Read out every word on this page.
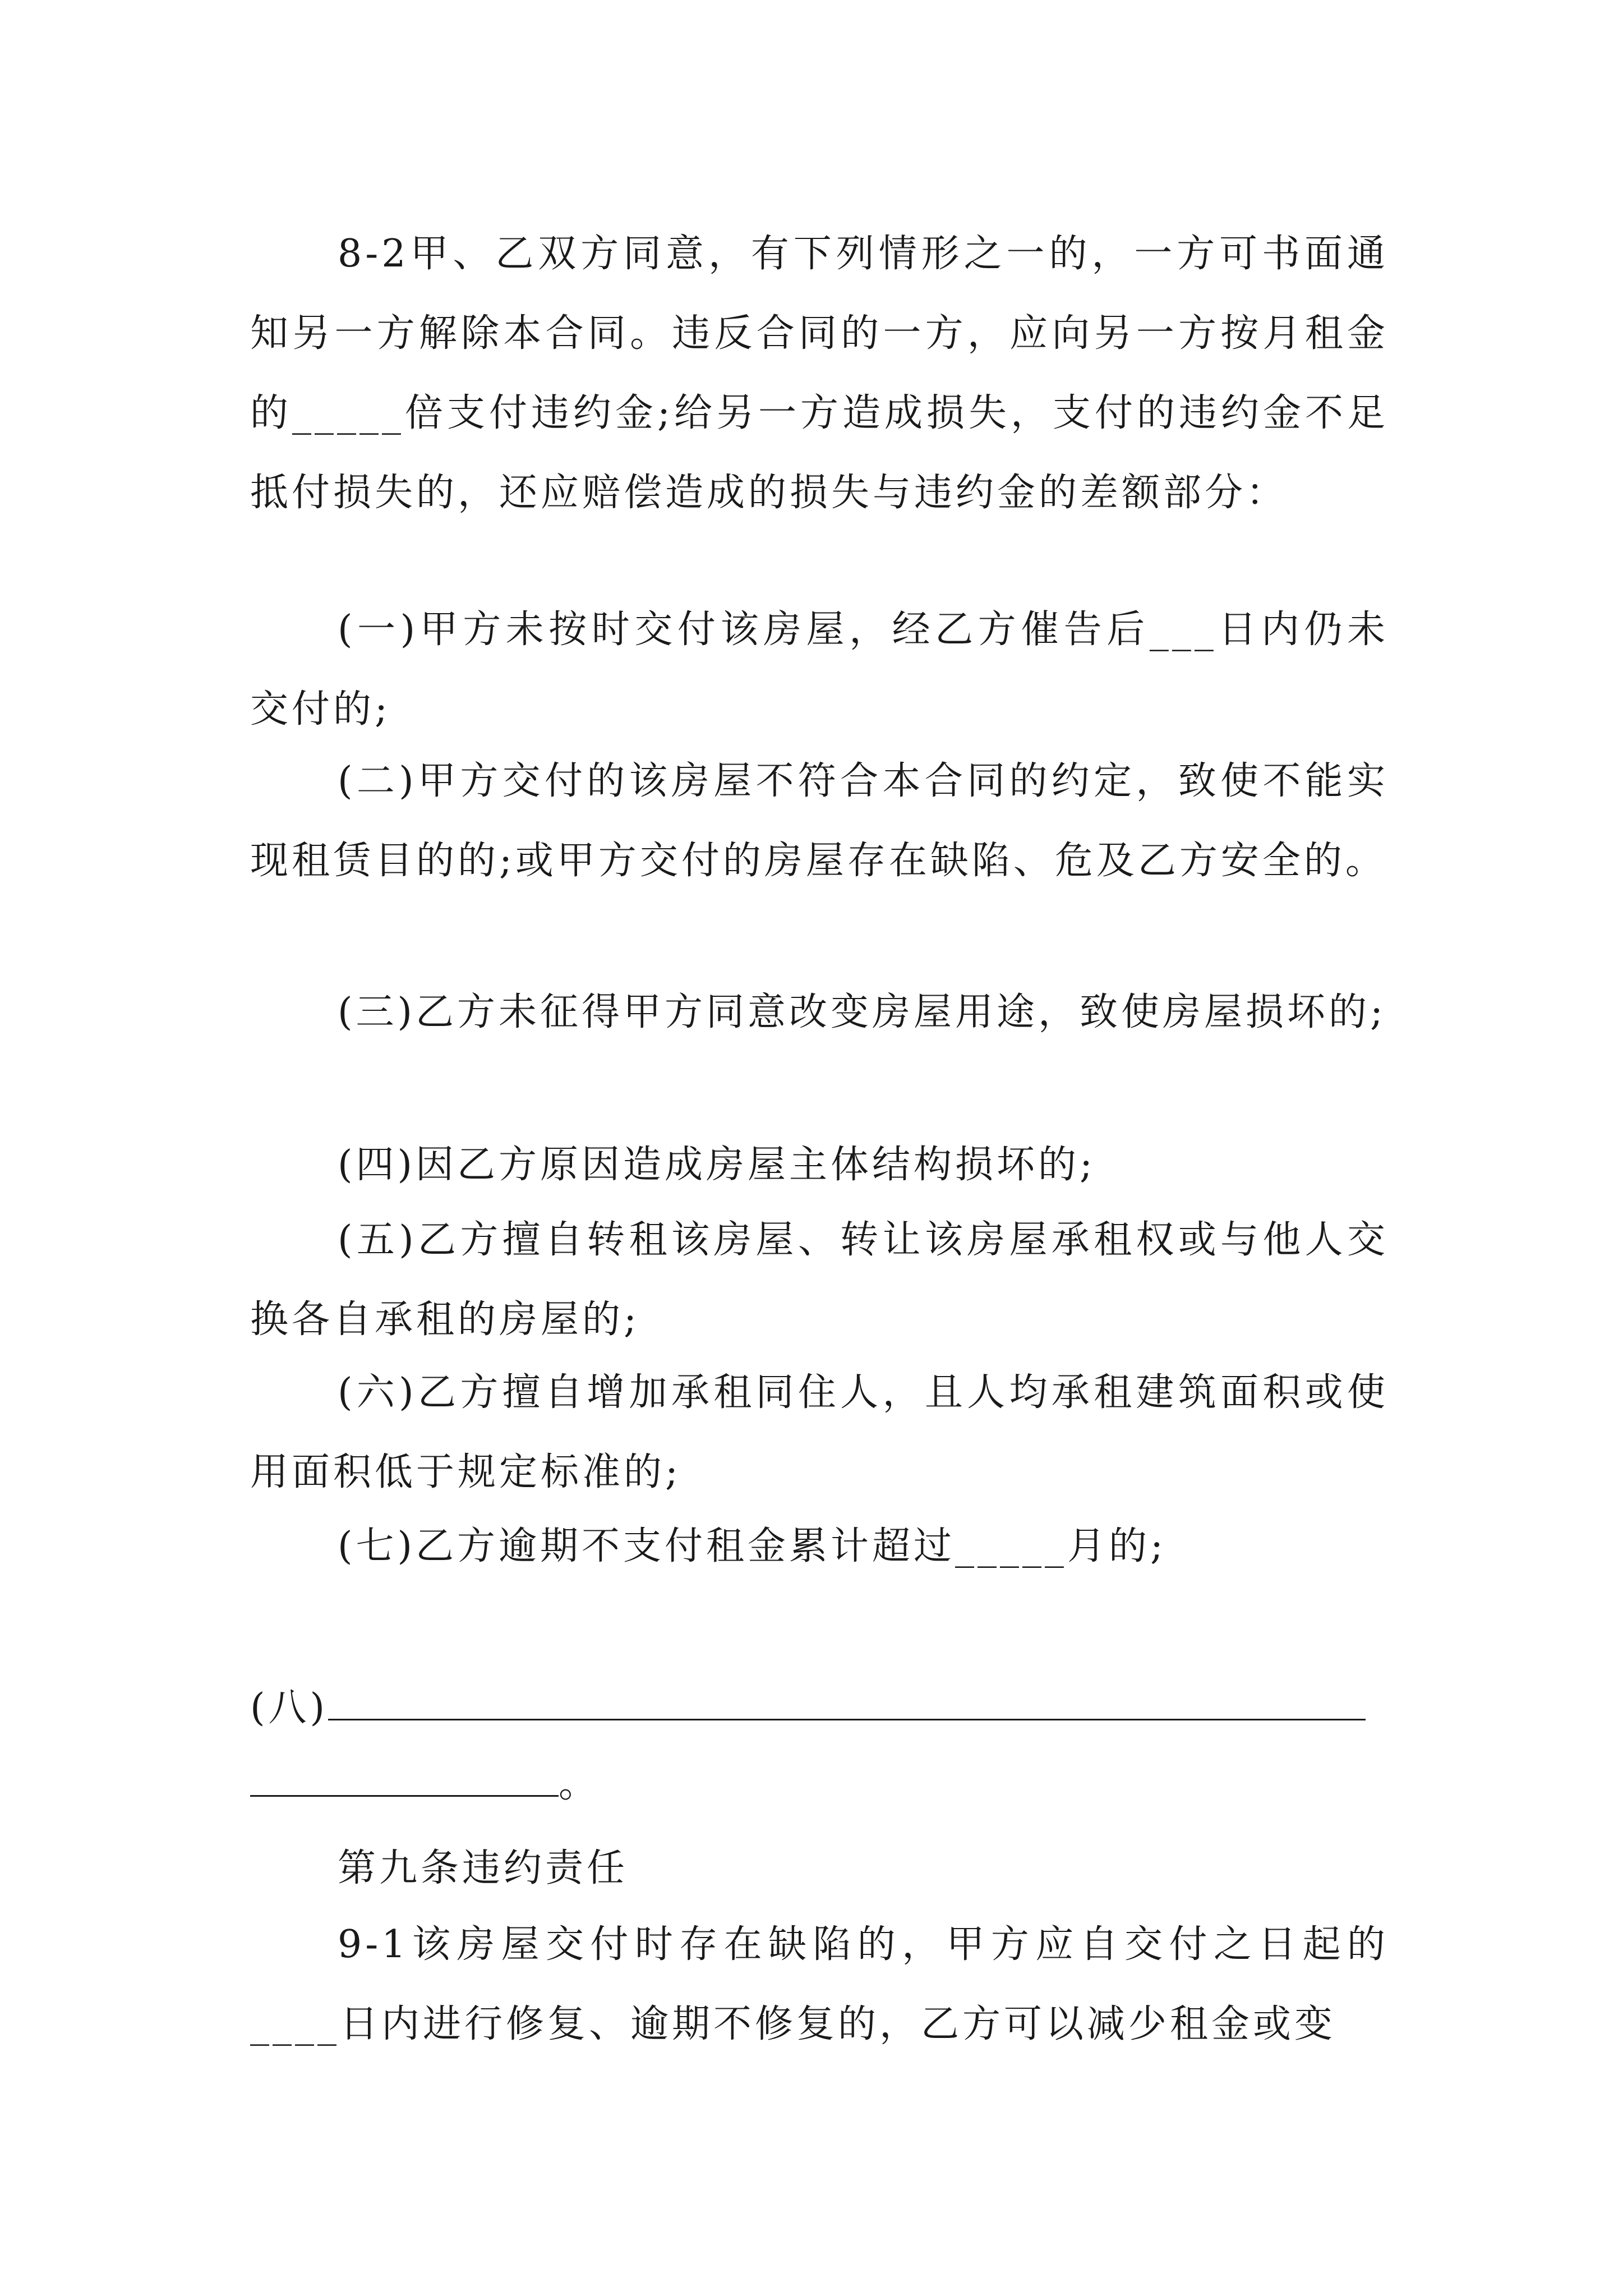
8-2甲、乙双方同意，有下列情形之一的，一方可书面通知另一方解除本合同。违反合同的一方，应向另一方按月租金的_____倍支付违约金;给另一方造成损失，支付的违约金不足抵付损失的，还应赔偿造成的损失与违约金的差额部分：

(一)甲方未按时交付该房屋，经乙方催告后___日内仍未交付的;

(二)甲方交付的该房屋不符合本合同的约定，致使不能实现租赁目的的;或甲方交付的房屋存在缺陷、危及乙方安全的。

(三)乙方未征得甲方同意改变房屋用途，致使房屋损坏的;

(四)因乙方原因造成房屋主体结构损坏的;

(五)乙方擅自转租该房屋、转让该房屋承租权或与他人交换各自承租的房屋的;

(六)乙方擅自增加承租同住人，且人均承租建筑面积或使用面积低于规定标准的;

(七)乙方逾期不支付租金累计超过_____月的;

(八)
。

第九条违约责任

9-1该房屋交付时存在缺陷的，甲方应自交付之日起的____日内进行修复、逾期不修复的，乙方可以减少租金或变
